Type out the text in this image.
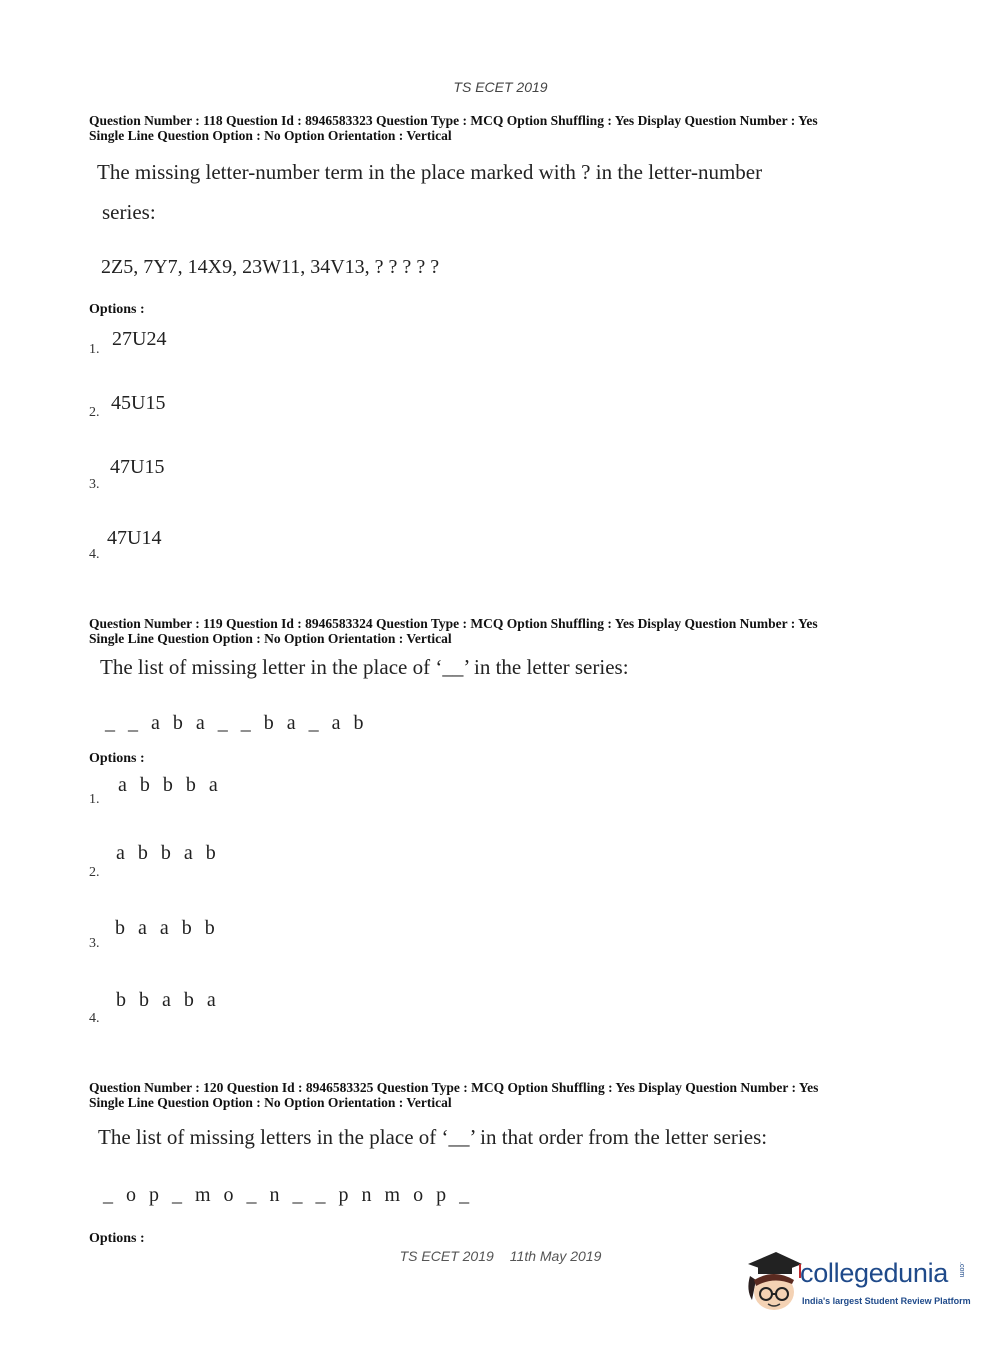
TS ECET 2019
Question Number : 118 Question Id : 8946583323 Question Type : MCQ Option Shuffling : Yes Display Question Number : Yes
Single Line Question Option : No Option Orientation : Vertical
The missing letter-number term in the place marked with ? in the letter-number
series:
2Z5, 7Y7, 14X9, 23W11, 34V13, ? ? ? ? ?
Options :
1. 27U24
2. 45U15
3.
47U15
4.
47U14
Question Number : 119 Question Id : 8946583324 Question Type : MCQ Option Shuffling : Yes Display Question Number : Yes
Single Line Question Option : No Option Orientation : Vertical
The list of missing letter in the place of ‘__’ in the letter series:
_ _ a b a _ _ b a _ a b
Options :
1.
a b b b a
2.
a b b a b
3.
b a a b b
4.
b b a b a
Question Number : 120 Question Id : 8946583325 Question Type : MCQ Option Shuffling : Yes Display Question Number : Yes
Single Line Question Option : No Option Orientation : Vertical
The list of missing letters in the place of ‘__’ in that order from the letter series:
_ o p _ m o _ n _ _ p n m o p _
Options :
TS ECET 2019 11th May 2019
collegedunia .com
India's largest Student Review Platform
